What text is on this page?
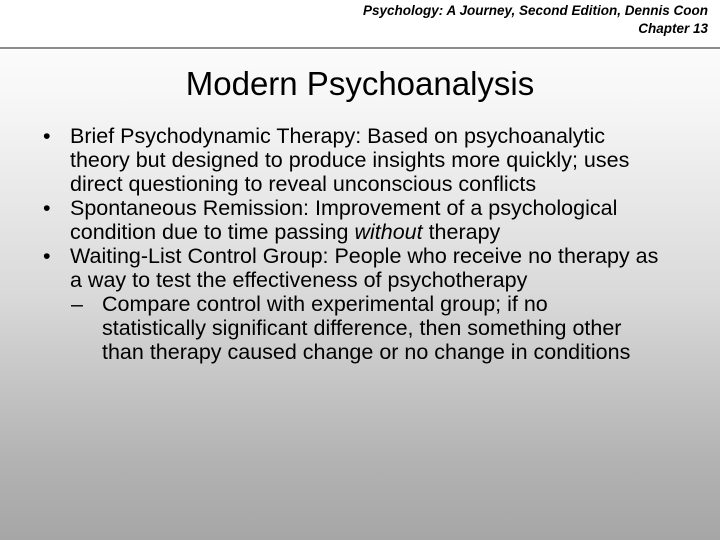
Psychology: A Journey, Second Edition, Dennis Coon
Chapter 13
Modern Psychoanalysis

• Brief Psychodynamic Therapy: Based on psychoanalytic theory but designed to produce insights more quickly; uses direct questioning to reveal unconscious conflicts

• Spontaneous Remission: Improvement of a psychological condition due to time passing without therapy

• Waiting-List Control Group: People who receive no therapy as a way to test the effectiveness of psychotherapy

– Compare control with experimental group; if no statistically significant difference, then something other than therapy caused change or no change in conditions
